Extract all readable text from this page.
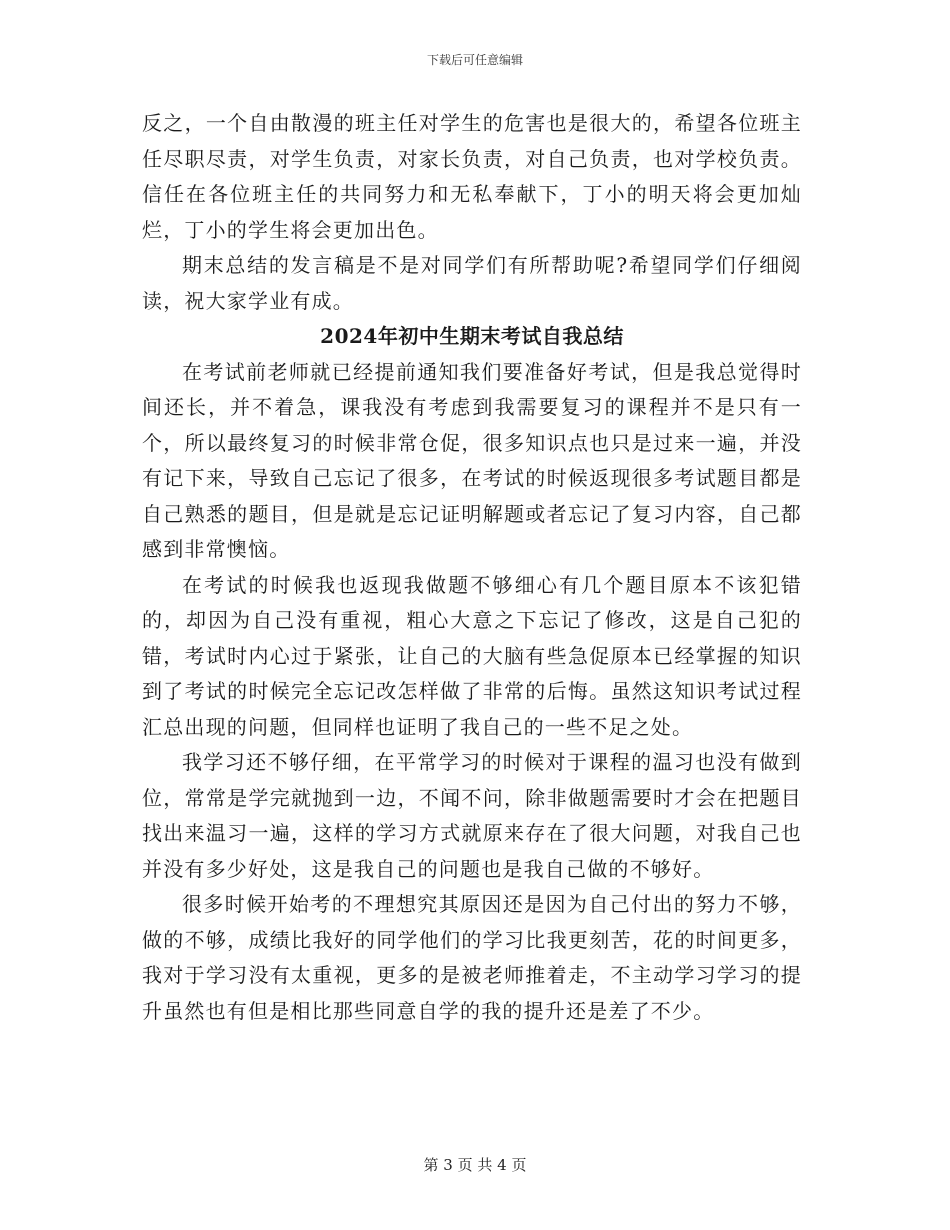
下载后可任意编辑

反之，一个自由散漫的班主任对学生的危害也是很大的，希望各位班主任尽职尽责，对学生负责，对家长负责，对自己负责，也对学校负责。信任在各位班主任的共同努力和无私奉献下，丁小的明天将会更加灿烂，丁小的学生将会更加出色。

期末总结的发言稿是不是对同学们有所帮助呢?希望同学们仔细阅读，祝大家学业有成。

2024年初中生期末考试自我总结

在考试前老师就已经提前通知我们要准备好考试，但是我总觉得时间还长，并不着急，课我没有考虑到我需要复习的课程并不是只有一个，所以最终复习的时候非常仓促，很多知识点也只是过来一遍，并没有记下来，导致自己忘记了很多，在考试的时候返现很多考试题目都是自己熟悉的题目，但是就是忘记证明解题或者忘记了复习内容，自己都感到非常懊恼。

在考试的时候我也返现我做题不够细心有几个题目原本不该犯错的，却因为自己没有重视，粗心大意之下忘记了修改，这是自己犯的错，考试时内心过于紧张，让自己的大脑有些急促原本已经掌握的知识到了考试的时候完全忘记改怎样做了非常的后悔。虽然这知识考试过程汇总出现的问题，但同样也证明了我自己的一些不足之处。

我学习还不够仔细，在平常学习的时候对于课程的温习也没有做到位，常常是学完就抛到一边，不闻不问，除非做题需要时才会在把题目找出来温习一遍，这样的学习方式就原来存在了很大问题，对我自己也并没有多少好处，这是我自己的问题也是我自己做的不够好。

很多时候开始考的不理想究其原因还是因为自己付出的努力不够，做的不够，成绩比我好的同学他们的学习比我更刻苦，花的时间更多，我对于学习没有太重视，更多的是被老师推着走，不主动学习学习的提升虽然也有但是相比那些同意自学的我的提升还是差了不少。

第 3 页 共 4 页
